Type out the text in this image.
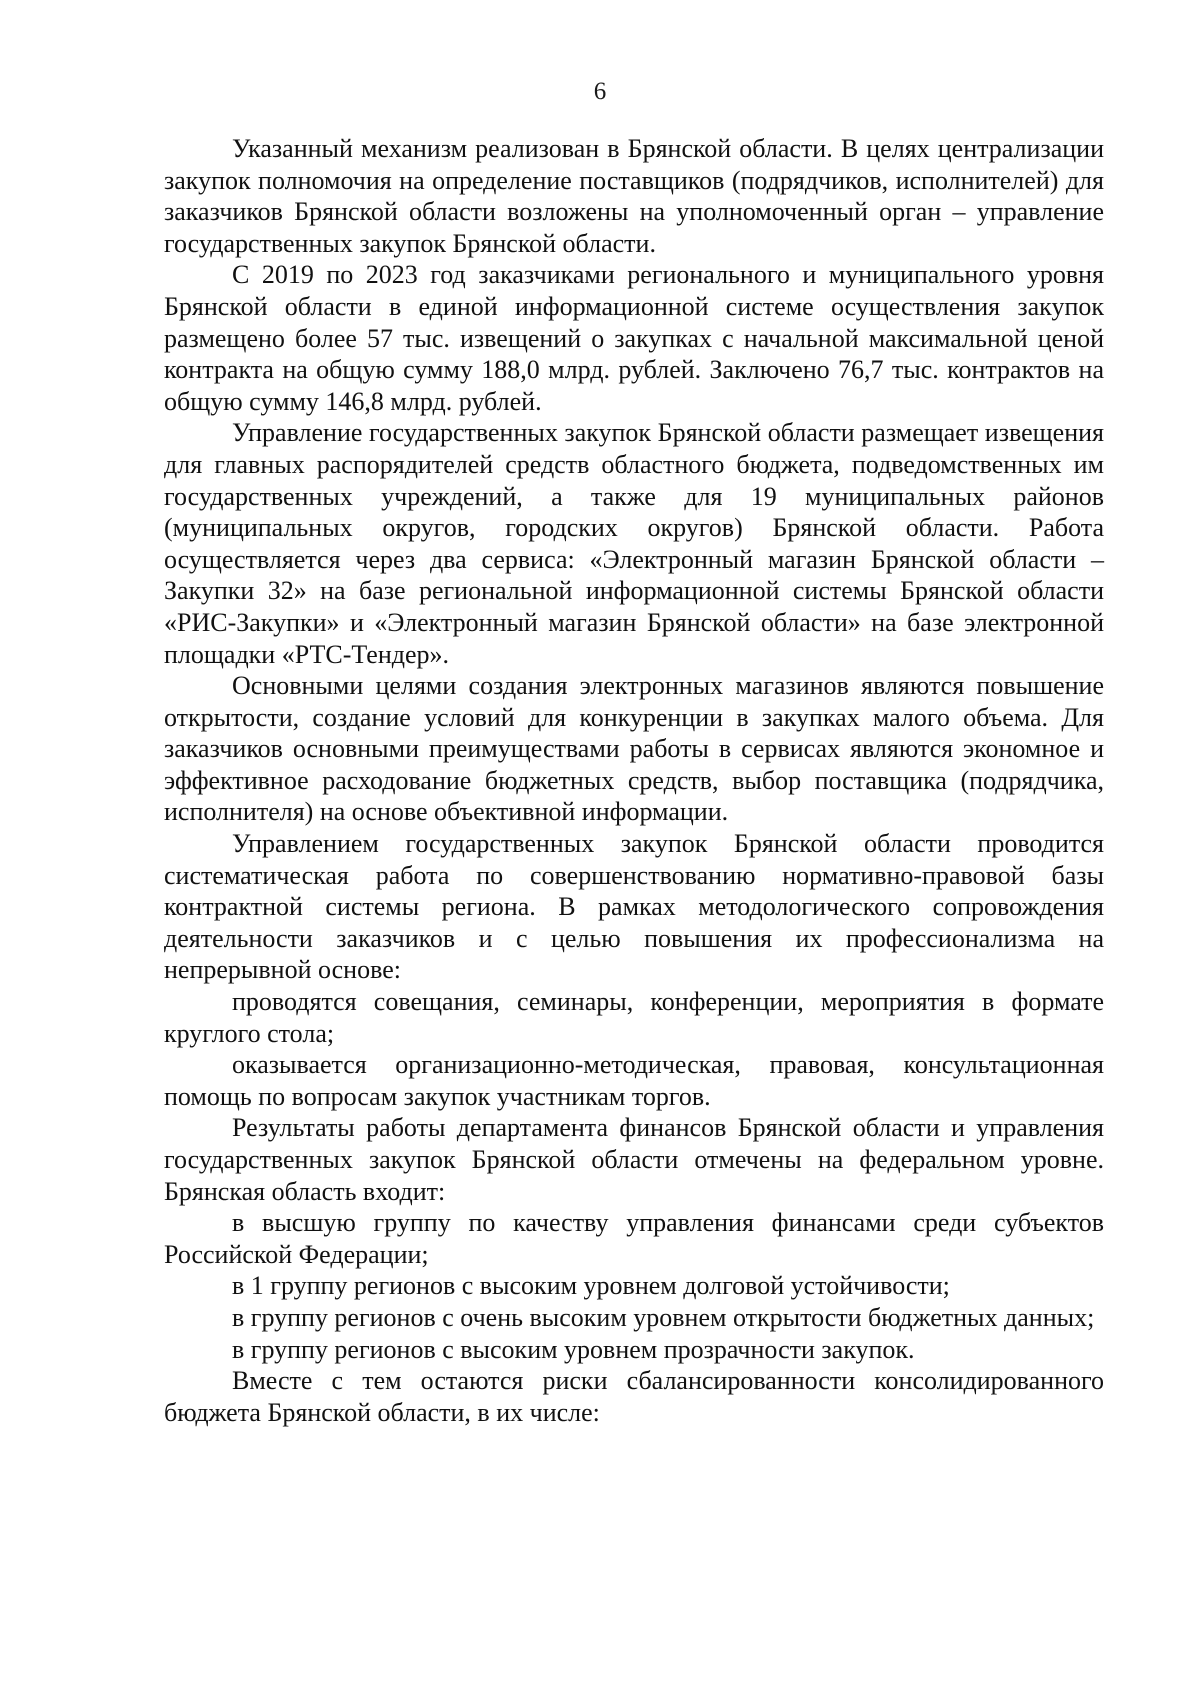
6

Указанный механизм реализован в Брянской области. В целях централизации закупок полномочия на определение поставщиков (подрядчиков, исполнителей) для заказчиков Брянской области возложены на уполномоченный орган – управление государственных закупок Брянской области.

С 2019 по 2023 год заказчиками регионального и муниципального уровня Брянской области в единой информационной системе осуществления закупок размещено более 57 тыс. извещений о закупках с начальной максимальной ценой контракта на общую сумму 188,0 млрд. рублей. Заключено 76,7 тыс. контрактов на общую сумму 146,8 млрд. рублей.

Управление государственных закупок Брянской области размещает извещения для главных распорядителей средств областного бюджета, подведомственных им государственных учреждений, а также для 19 муниципальных районов (муниципальных округов, городских округов) Брянской области. Работа осуществляется через два сервиса: «Электронный магазин Брянской области – Закупки 32» на базе региональной информационной системы Брянской области «РИС-Закупки» и «Электронный магазин Брянской области» на базе электронной площадки «РТС-Тендер».

Основными целями создания электронных магазинов являются повышение открытости, создание условий для конкуренции в закупках малого объема. Для заказчиков основными преимуществами работы в сервисах являются экономное и эффективное расходование бюджетных средств, выбор поставщика (подрядчика, исполнителя) на основе объективной информации.

Управлением государственных закупок Брянской области проводится систематическая работа по совершенствованию нормативно-правовой базы контрактной системы региона. В рамках методологического сопровождения деятельности заказчиков и с целью повышения их профессионализма на непрерывной основе:

проводятся совещания, семинары, конференции, мероприятия в формате круглого стола;

оказывается организационно-методическая, правовая, консультационная помощь по вопросам закупок участникам торгов.

Результаты работы департамента финансов Брянской области и управления государственных закупок Брянской области отмечены на федеральном уровне. Брянская область входит:

в высшую группу по качеству управления финансами среди субъектов Российской Федерации;

в 1 группу регионов с высоким уровнем долговой устойчивости;

в группу регионов с очень высоким уровнем открытости бюджетных данных;

в группу регионов с высоким уровнем прозрачности закупок.

Вместе с тем остаются риски сбалансированности консолидированного бюджета Брянской области, в их числе:
